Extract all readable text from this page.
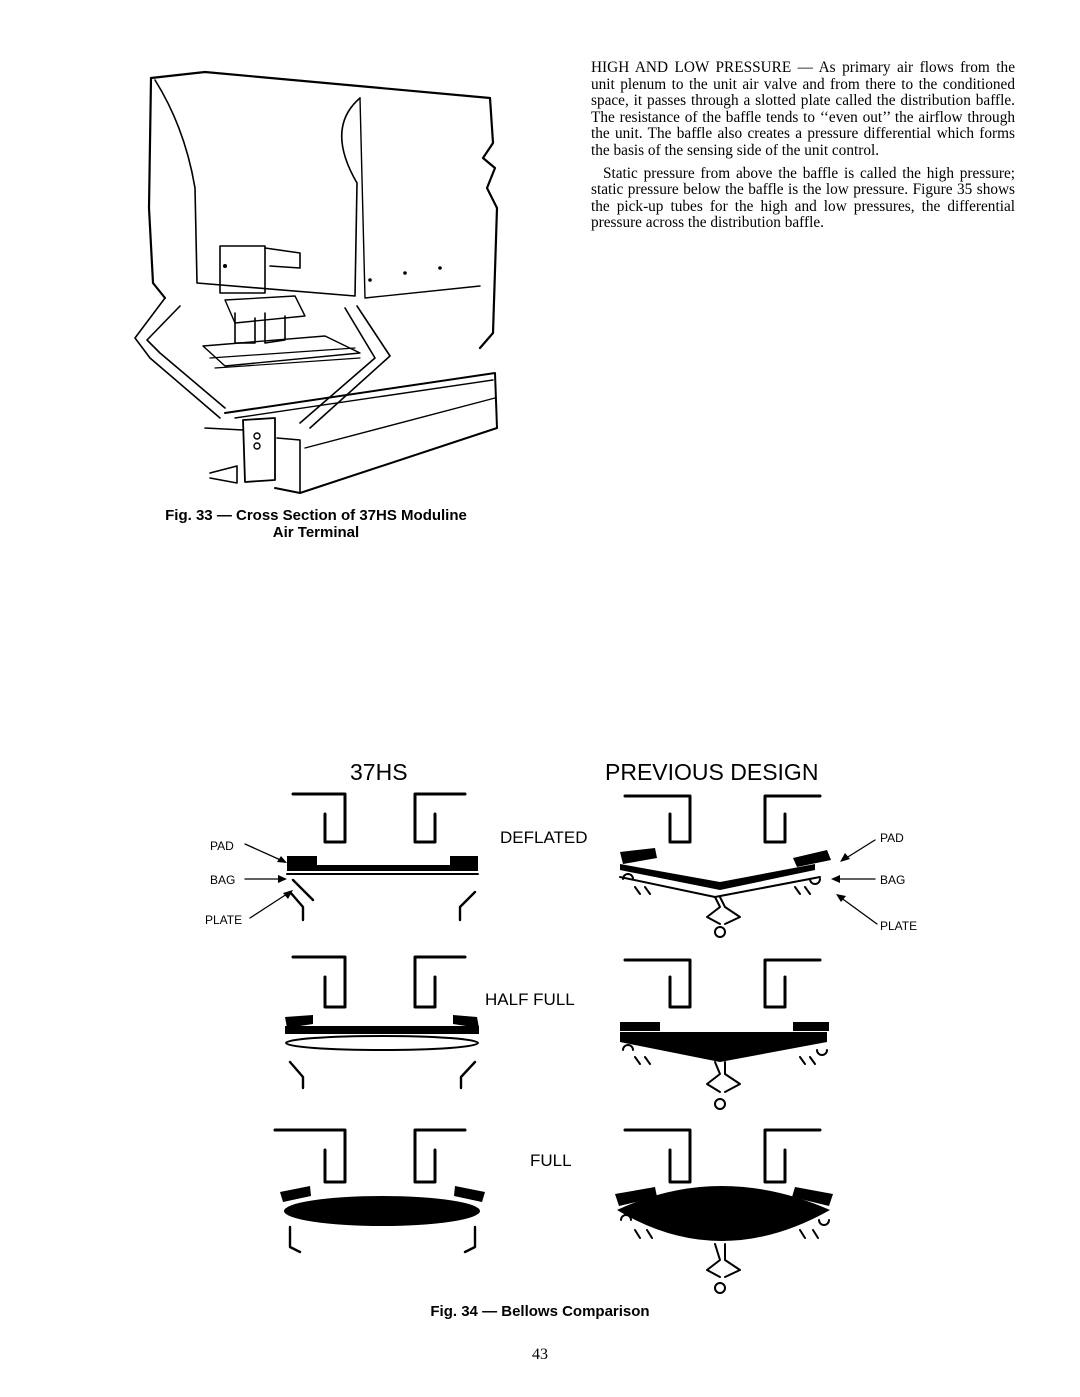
Fig. 33 — Cross Section of 37HS Moduline

Air Terminal

HIGH AND LOW PRESSURE — As primary air flows from the unit plenum to the unit air valve and from there to the conditioned space, it passes through a slotted plate called the distribution baffle. The resistance of the baffle tends to ‘‘even out’’ the airflow through the unit. The baffle also creates a pressure differential which forms the basis of the sensing side of the unit control.

Static pressure from above the baffle is called the high pressure; static pressure below the baffle is the low pressure. Figure 35 shows the pick-up tubes for the high and low pressures, the differential pressure across the distribution baffle.

37HS	PREVIOUS DESIGN
DEFLATED
HALF FULL
FULL
PAD
BAG
PLATE
PAD
BAG
PLATE

Fig. 34 — Bellows Comparison

43
